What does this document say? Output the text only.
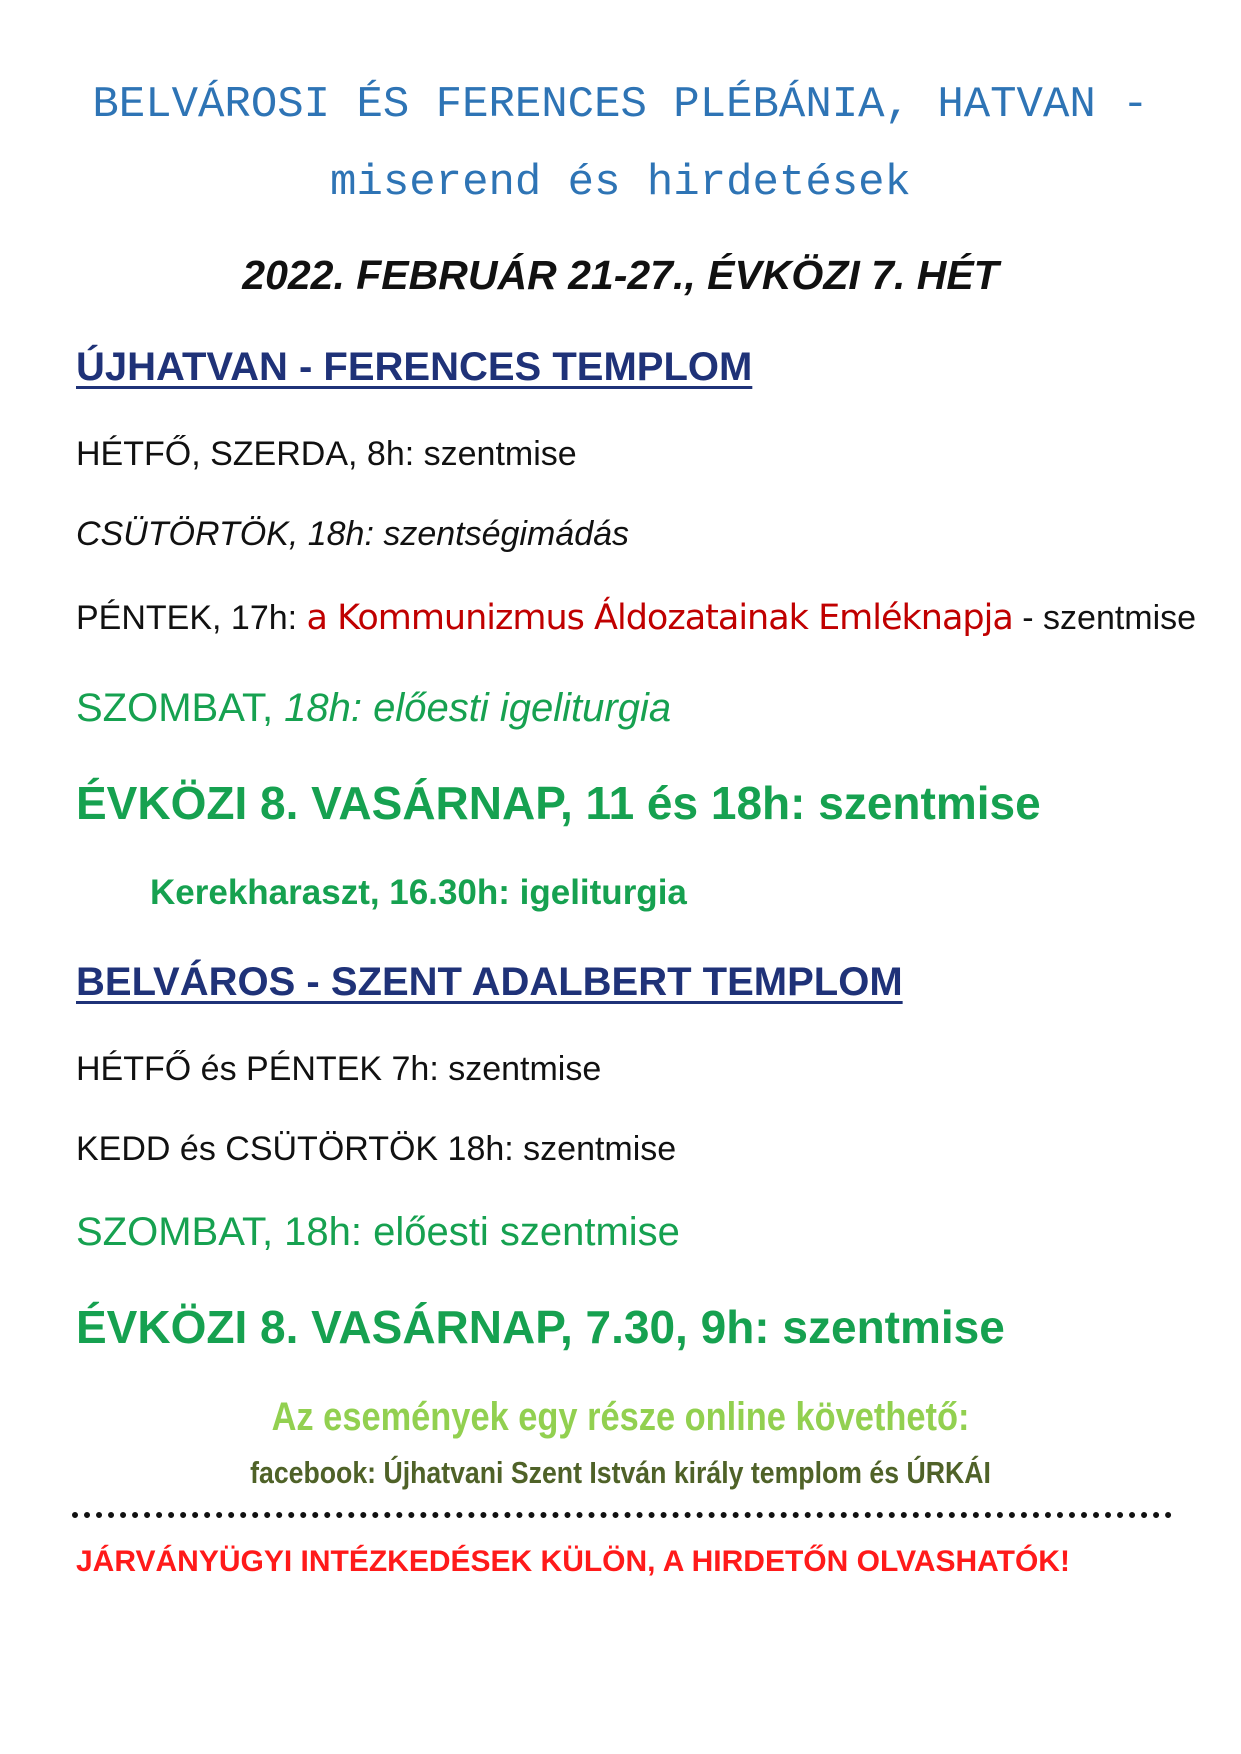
BELVÁROSI ÉS FERENCES PLÉBÁNIA, HATVAN -
miserend és hirdetések
2022. FEBRUÁR 21-27., ÉVKÖZI 7. HÉT
ÚJHATVAN - FERENCES TEMPLOM
HÉTFŐ, SZERDA, 8h: szentmise
CSÜTÖRTÖK, 18h: szentségimádás
PÉNTEK, 17h: a Kommunizmus Áldozatainak Emléknapja - szentmise
SZOMBAT, 18h: előesti igeliturgia
ÉVKÖZI 8. VASÁRNAP, 11 és 18h: szentmise
Kerekharaszt, 16.30h: igeliturgia
BELVÁROS - SZENT ADALBERT TEMPLOM
HÉTFŐ és PÉNTEK 7h: szentmise
KEDD és CSÜTÖRTÖK 18h: szentmise
SZOMBAT, 18h: előesti szentmise
ÉVKÖZI 8. VASÁRNAP, 7.30, 9h: szentmise
Az események egy része online követhető:
facebook: Újhatvani Szent István király templom és ÚRKÁI
JÁRVÁNYÜGYI INTÉZKEDÉSEK KÜLÖN, A HIRDETŐN OLVASHATÓK!
